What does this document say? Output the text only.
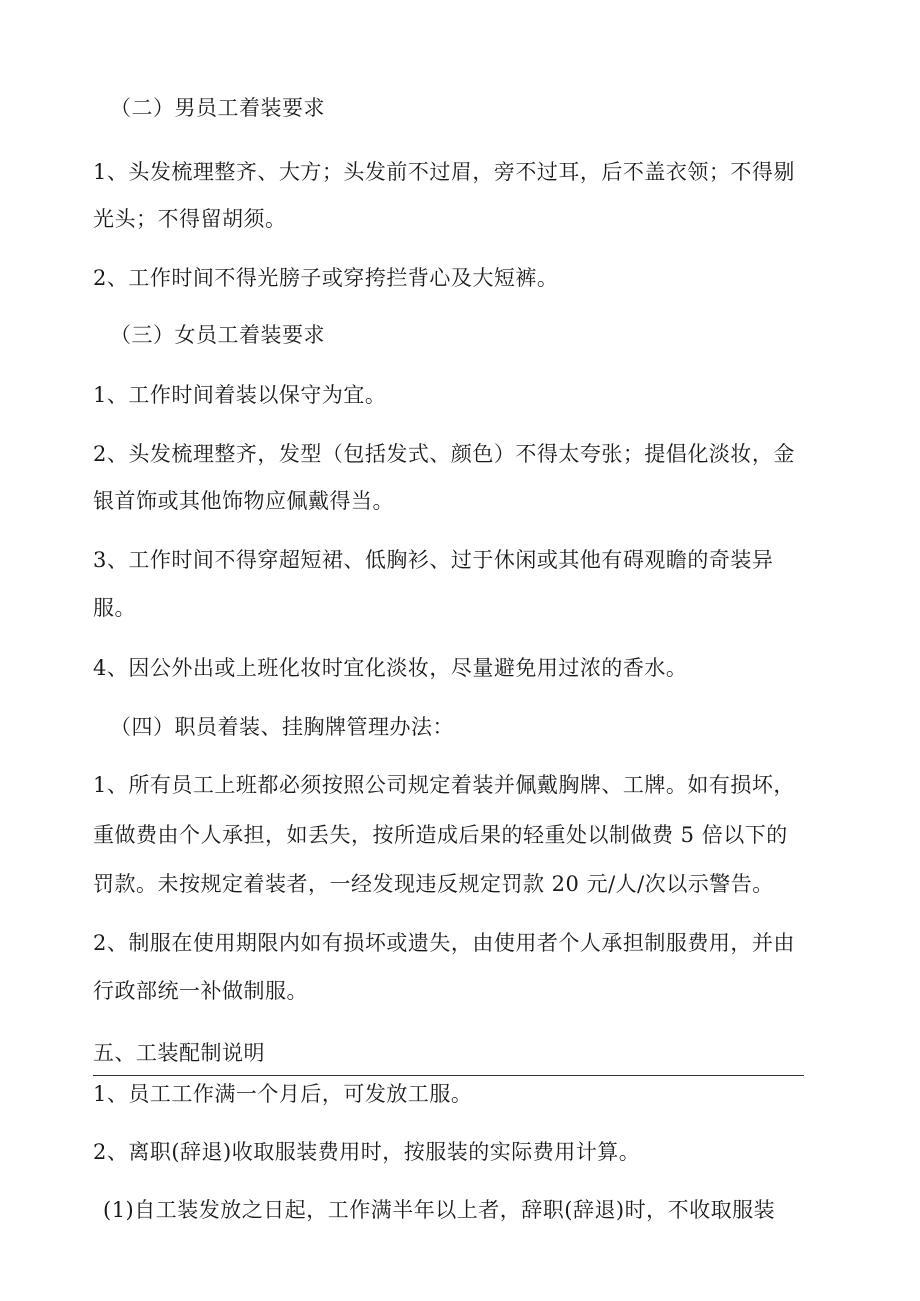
（二）男员工着装要求
1、头发梳理整齐、大方；头发前不过眉，旁不过耳，后不盖衣领；不得剔
光头；不得留胡须。
2、工作时间不得光膀子或穿挎拦背心及大短裤。
（三）女员工着装要求
1、工作时间着装以保守为宜。
2、头发梳理整齐，发型（包括发式、颜色）不得太夸张；提倡化淡妆，金
银首饰或其他饰物应佩戴得当。
3、工作时间不得穿超短裙、低胸衫、过于休闲或其他有碍观瞻的奇装异
服。
4、因公外出或上班化妆时宜化淡妆，尽量避免用过浓的香水。
（四）职员着装、挂胸牌管理办法：
1、所有员工上班都必须按照公司规定着装并佩戴胸牌、工牌。如有损坏，
重做费由个人承担，如丢失，按所造成后果的轻重处以制做费 5 倍以下的
罚款。未按规定着装者，一经发现违反规定罚款 20 元/人/次以示警告。
2、制服在使用期限内如有损坏或遗失，由使用者个人承担制服费用，并由
行政部统一补做制服。
五、工装配制说明
1、员工工作满一个月后，可发放工服。
2、离职(辞退)收取服装费用时，按服装的实际费用计算。
(1)自工装发放之日起，工作满半年以上者，辞职(辞退)时，不收取服装
